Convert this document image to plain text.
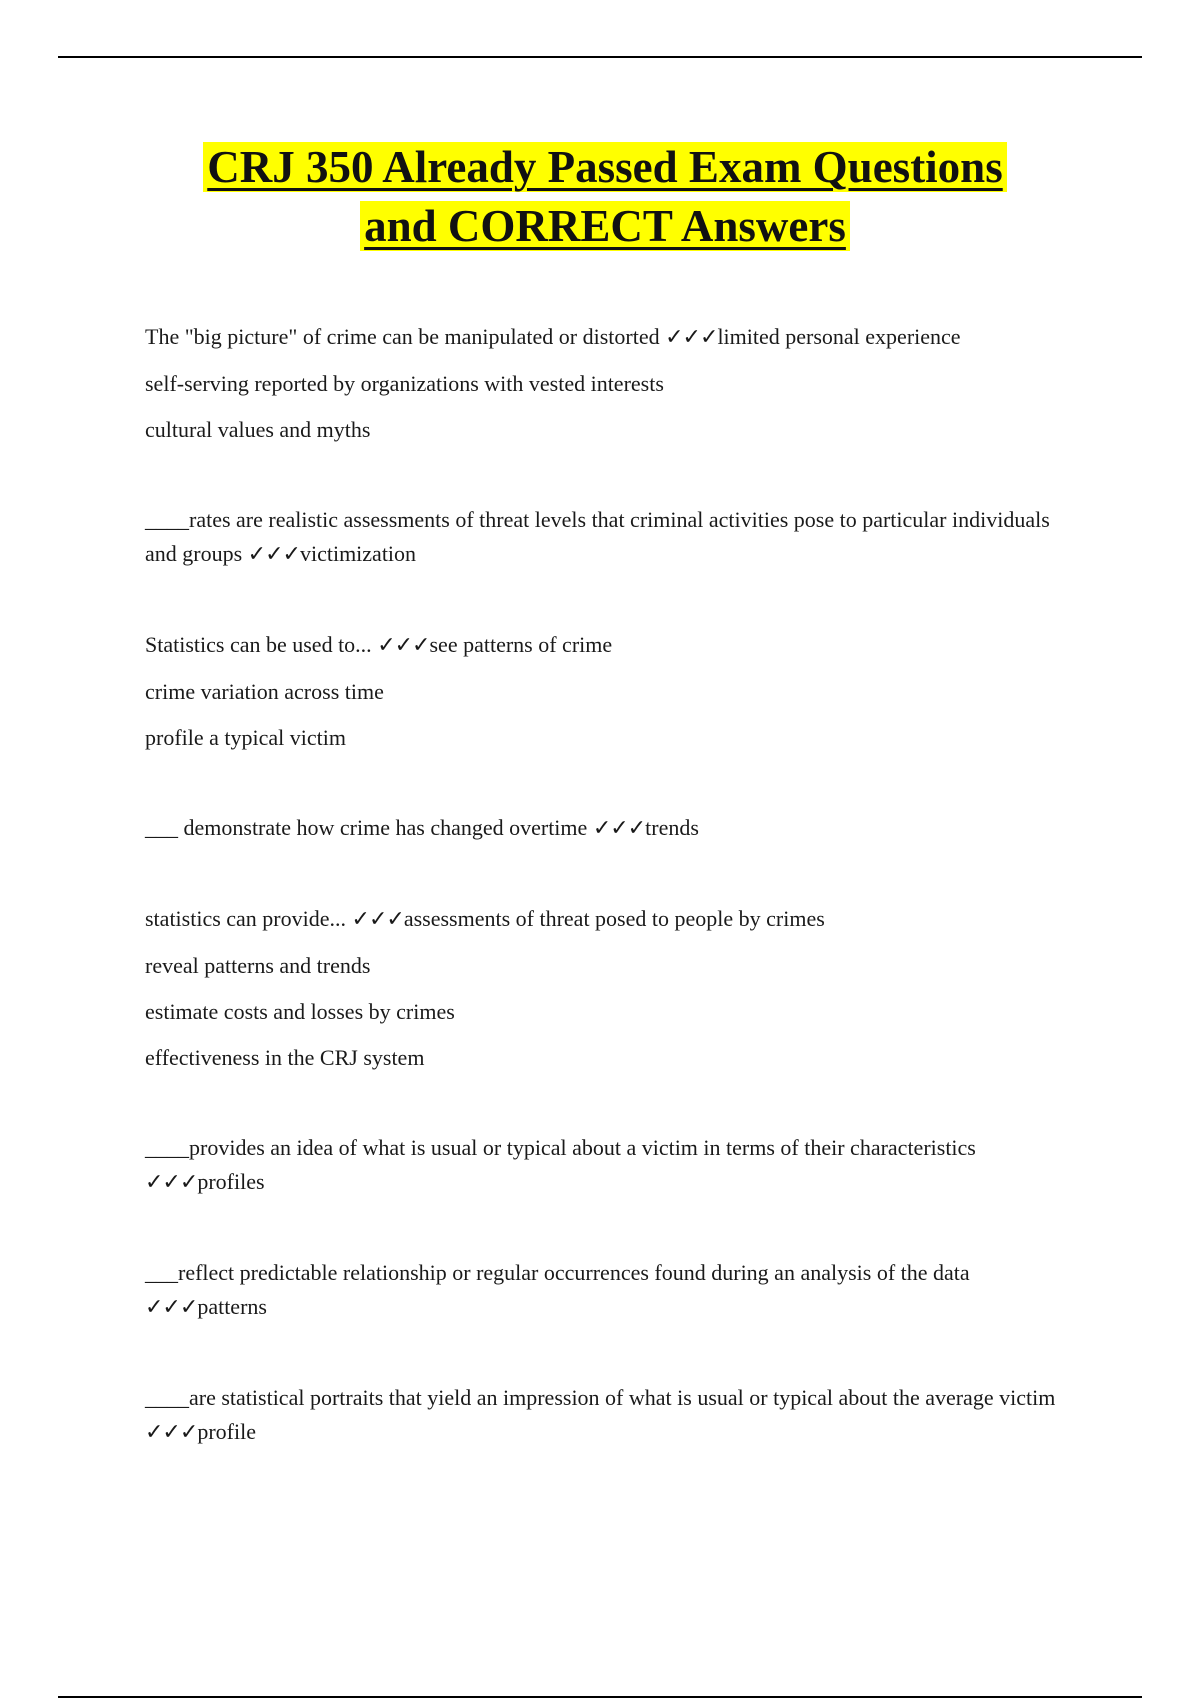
CRJ 350 Already Passed Exam Questions
and CORRECT Answers
The "big picture" of crime can be manipulated or distorted ✓✓✓limited personal experience
self-serving reported by organizations with vested interests
cultural values and myths
____rates are realistic assessments of threat levels that criminal activities pose to particular individuals and groups ✓✓✓victimization
Statistics can be used to... ✓✓✓see patterns of crime
crime variation across time
profile a typical victim
___ demonstrate how crime has changed overtime ✓✓✓trends
statistics can provide... ✓✓✓assessments of threat posed to people by crimes
reveal patterns and trends
estimate costs and losses by crimes
effectiveness in the CRJ system
____provides an idea of what is usual or typical about a victim in terms of their characteristics ✓✓✓profiles
___reflect predictable relationship or regular occurrences found during an analysis of the data ✓✓✓patterns
____are statistical portraits that yield an impression of what is usual or typical about the average victim ✓✓✓profile
